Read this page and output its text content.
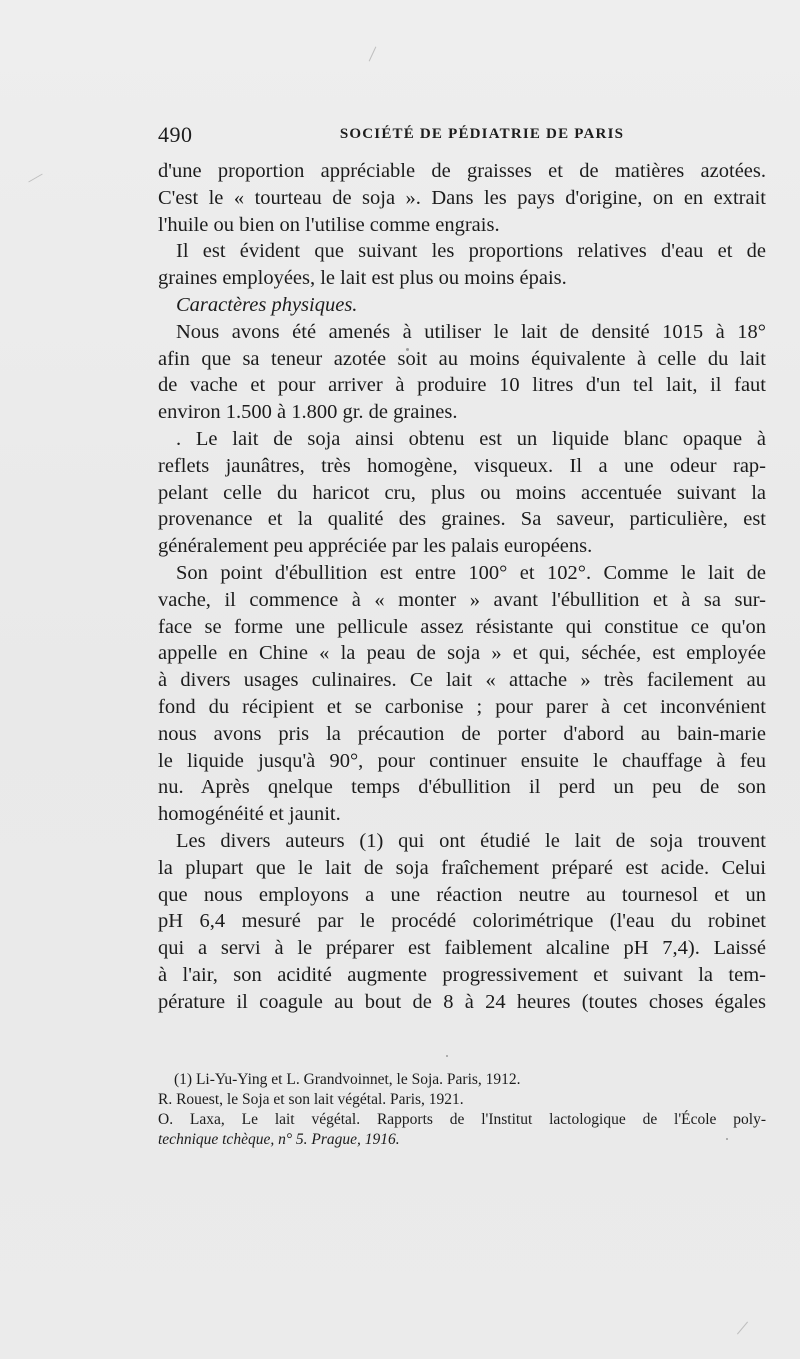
490	SOCIÉTÉ DE PÉDIATRIE DE PARIS
d'une proportion appréciable de graisses et de matières azotées.
C'est le « tourteau de soja ». Dans les pays d'origine, on en extrait
l'huile ou bien on l'utilise comme engrais.
Il est évident que suivant les proportions relatives d'eau et de
graines employées, le lait est plus ou moins épais.
Caractères physiques.
Nous avons été amenés à utiliser le lait de densité 1015 à 18°
afin que sa teneur azotée soit au moins équivalente à celle du lait
de vache et pour arriver à produire 10 litres d'un tel lait, il faut
environ 1.500 à 1.800 gr. de graines.
. Le lait de soja ainsi obtenu est un liquide blanc opaque à
reflets jaunâtres, très homogène, visqueux. Il a une odeur rap-
pelant celle du haricot cru, plus ou moins accentuée suivant la
provenance et la qualité des graines. Sa saveur, particulière, est
généralement peu appréciée par les palais européens.
Son point d'ébullition est entre 100° et 102°. Comme le lait de
vache, il commence à « monter » avant l'ébullition et à sa sur-
face se forme une pellicule assez résistante qui constitue ce qu'on
appelle en Chine « la peau de soja » et qui, séchée, est employée
à divers usages culinaires. Ce lait « attache » très facilement au
fond du récipient et se carbonise ; pour parer à cet inconvénient
nous avons pris la précaution de porter d'abord au bain-marie
le liquide jusqu'à 90°, pour continuer ensuite le chauffage à feu
nu. Après qnelque temps d'ébullition il perd un peu de son
homogénéité et jaunit.
Les divers auteurs (1) qui ont étudié le lait de soja trouvent
la plupart que le lait de soja fraîchement préparé est acide. Celui
que nous employons a une réaction neutre au tournesol et un
pH 6,4 mesuré par le procédé colorimétrique (l'eau du robinet
qui a servi à le préparer est faiblement alcaline pH 7,4). Laissé
à l'air, son acidité augmente progressivement et suivant la tem-
pérature il coagule au bout de 8 à 24 heures (toutes choses égales
(1) Li-Yu-Ying et L. Grandvoinnet, le Soja. Paris, 1912.
R. Rouest, le Soja et son lait végétal. Paris, 1921.
O. Laxa, Le lait végétal. Rapports de l'Institut lactologique de l'École poly-
technique tchèque, n° 5. Prague, 1916.
